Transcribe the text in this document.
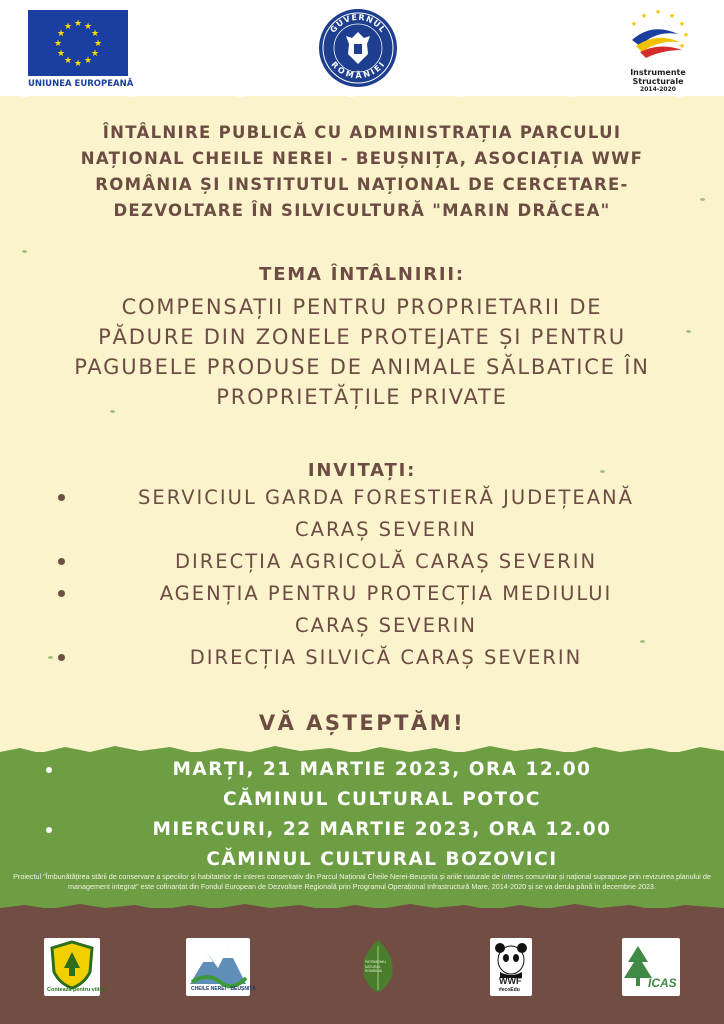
★ ★
★
★
★
★
★
★
★
★
★
★
UNIUNEA EUROPEANĂ
GUVERNUL
ROMÂNIEI
★ ★
★
★
★
★
★
Instrumente Structurale
2014-2020
ÎNTÂLNIRE PUBLICĂ CU ADMINISTRAȚIA PARCULUI
NAȚIONAL CHEILE NEREI - BEUȘNIȚA, ASOCIAȚIA WWF
ROMÂNIA ȘI INSTITUTUL NAȚIONAL DE CERCETARE-
DEZVOLTARE ÎN SILVICULTURĂ "MARIN DRĂCEA"
TEMA ÎNTÂLNIRII:
COMPENSAȚII PENTRU PROPRIETARII DE
PĂDURE DIN ZONELE PROTEJATE ȘI PENTRU
PAGUBELE PRODUSE DE ANIMALE SĂLBATICE ÎN
PROPRIETĂȚILE PRIVATE
INVITAȚI:
SERVICIUL GARDA FORESTIERĂ JUDEȚEANĂ
CARAȘ SEVERIN
DIRECȚIA AGRICOLĂ CARAȘ SEVERIN
AGENȚIA PENTRU PROTECȚIA MEDIULUI
CARAȘ SEVERIN
DIRECȚIA SILVICĂ CARAȘ SEVERIN
VĂ AȘTEPTĂM!
MARȚI, 21 MARTIE 2023, ORA 12.00
CĂMINUL CULTURAL POTOC
MIERCURI, 22 MARTIE 2023, ORA 12.00
CĂMINUL CULTURAL BOZOVICI
Proiectul "Îmbunătățirea stării de conservare a speciilor și habitatelor de interes conservativ din Parcul Național Cheile Nerei-Beușnița și ariile naturale de interes comunitar și național suprapuse prin revizuirea planului de management integrat" este cofinanțat din Fondul European de Dezvoltare Regională prin Programul Operațional Infrastructură Mare, 2014-2020 și se va derula până în decembrie 2023.
Contează pentru viitor!	CHEILE NEREI - BEUȘNIȚA
PATRIMONIU
NATURAL
ROMSILVA
WWF
#ecoEdu	ICAS
